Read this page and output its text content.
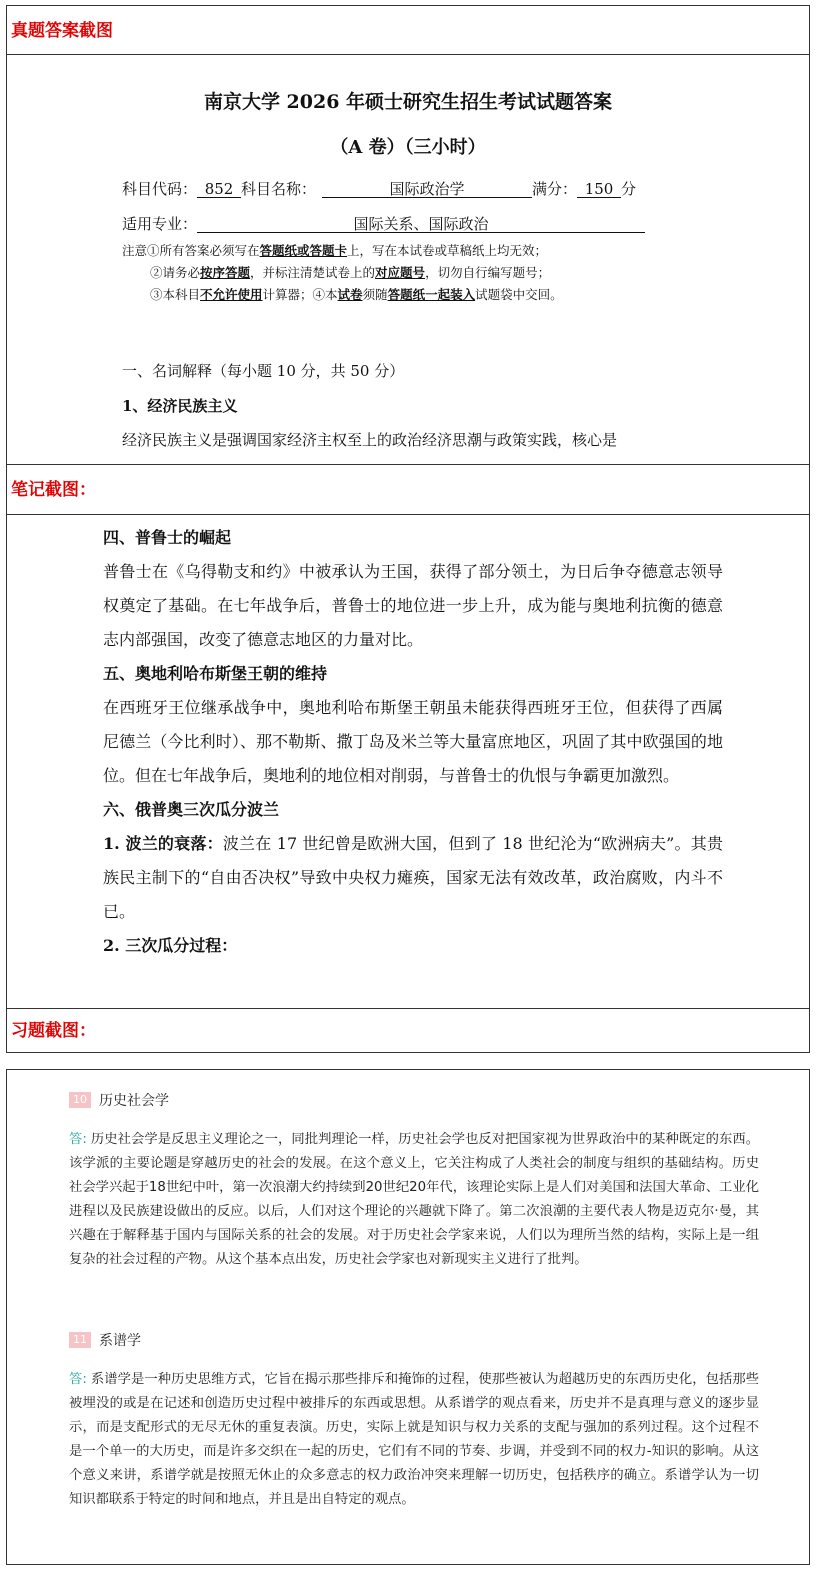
真题答案截图
南京大学 2026 年硕士研究生招生考试试题答案
（A 卷）（三小时）
科目代码： 852 科目名称：	国际政治学	满分： 150 分
适用专业：	国际关系、国际政治
注意①所有答案必须写在答题纸或答题卡上，写在本试卷或草稿纸上均无效；
②请务必按序答题，并标注清楚试卷上的对应题号，切勿自行编写题号；
③本科目不允许使用计算器；④本试卷须随答题纸一起装入试题袋中交回。
一、名词解释（每小题 10 分，共 50 分）
1、经济民族主义
经济民族主义是强调国家经济主权至上的政治经济思潮与政策实践，核心是
笔记截图：
四、普鲁士的崛起

普鲁士在《乌得勒支和约》中被承认为王国，获得了部分领土，为日后争夺德意志领导权奠定了基础。在七年战争后，普鲁士的地位进一步上升，成为能与奥地利抗衡的德意志内部强国，改变了德意志地区的力量对比。

五、奥地利哈布斯堡王朝的维持

在西班牙王位继承战争中，奥地利哈布斯堡王朝虽未能获得西班牙王位，但获得了西属尼德兰（今比利时）、那不勒斯、撒丁岛及米兰等大量富庶地区，巩固了其中欧强国的地位。但在七年战争后，奥地利的地位相对削弱，与普鲁士的仇恨与争霸更加激烈。

六、俄普奥三次瓜分波兰

1. 波兰的衰落：波兰在 17 世纪曾是欧洲大国，但到了 18 世纪沦为“欧洲病夫”。其贵族民主制下的“自由否决权”导致中央权力瘫痪，国家无法有效改革，政治腐败，内斗不已。

2. 三次瓜分过程：

习题截图：
10 历史社会学
答: 历史社会学是反思主义理论之一，同批判理论一样，历史社会学也反对把国家视为世界政治中的某种既定的东西。该学派的主要论题是穿越历史的社会的发展。在这个意义上，它关注构成了人类社会的制度与组织的基础结构。历史社会学兴起于18世纪中叶，第一次浪潮大约持续到20世纪20年代，该理论实际上是人们对美国和法国大革命、工业化进程以及民族建设做出的反应。以后，人们对这个理论的兴趣就下降了。第二次浪潮的主要代表人物是迈克尔·曼，其兴趣在于解释基于国内与国际关系的社会的发展。对于历史社会学家来说，人们以为理所当然的结构，实际上是一组复杂的社会过程的产物。从这个基本点出发，历史社会学家也对新现实主义进行了批判。
11 系谱学
答: 系谱学是一种历史思维方式，它旨在揭示那些排斥和掩饰的过程，使那些被认为超越历史的东西历史化，包括那些被埋没的或是在记述和创造历史过程中被排斥的东西或思想。从系谱学的观点看来，历史并不是真理与意义的逐步显示，而是支配形式的无尽无休的重复表演。历史，实际上就是知识与权力关系的支配与强加的系列过程。这个过程不是一个单一的大历史，而是许多交织在一起的历史，它们有不同的节奏、步调，并受到不同的权力-知识的影响。从这个意义来讲，系谱学就是按照无休止的众多意志的权力政治冲突来理解一切历史，包括秩序的确立。系谱学认为一切知识都联系于特定的时间和地点，并且是出自特定的观点。
